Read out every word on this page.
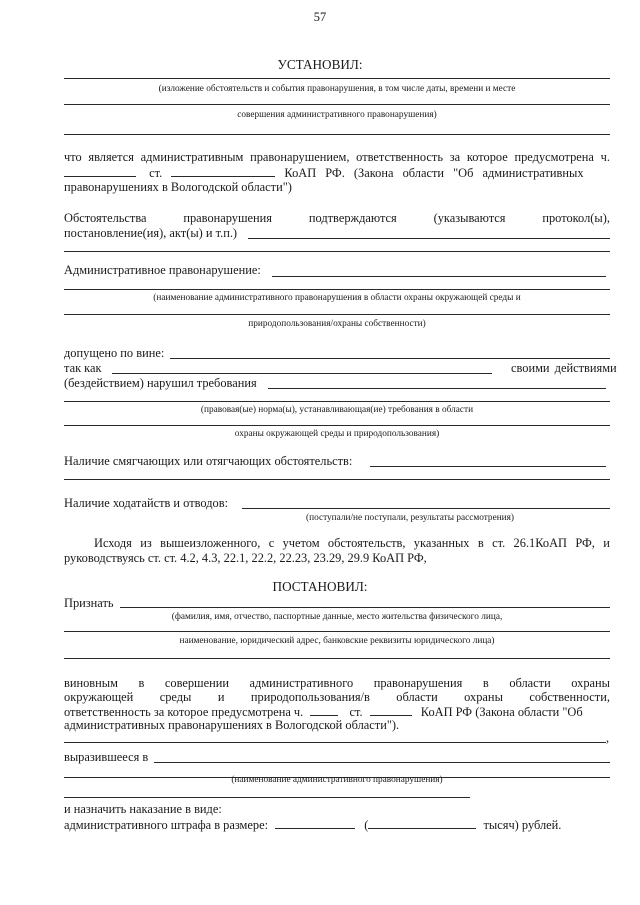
57
УСТАНОВИЛ:
(изложение обстоятельств и события правонарушения, в том числе даты, времени и месте
совершения административного правонарушения)
что является административным правонарушением, ответственность за которое предусмотрена ч.
ст.	КоАП РФ. (Закона области "Об административных
правонарушениях в Вологодской области")
Обстоятельства	правонарушения	подтверждаются	(указываются	протокол(ы),
постановление(ия), акт(ы) и т.п.)
Административное правонарушение:
(наименование административного правонарушения в области охраны окружающей среды и
природопользования/охраны собственности)
допущено по вине:
так как	своими действиями
(бездействием) нарушил требования
(правовая(ые) норма(ы), устанавливающая(ие) требования в области
охраны окружающей среды и природопользования)
Наличие смягчающих или отягчающих обстоятельств:
Наличие ходатайств и отводов:
(поступали/не поступали, результаты рассмотрения)
Исходя из вышеизложенного, с учетом обстоятельств, указанных в ст. 26.1КоАП РФ, и
руководствуясь ст. ст. 4.2, 4.3, 22.1, 22.2, 22.23, 23.29, 29.9 КоАП РФ,
ПОСТАНОВИЛ:
Признать
(фамилия, имя, отчество, паспортные данные, место жительства физического лица,
наименование, юридический адрес, банковские реквизиты юридического лица)
виновным в совершении административного правонарушения в области охраны
окружающей среды и природопользования/в области охраны собственности,
ответственность за которое предусмотрена ч.	ст.	КоАП РФ (Закона области "Об
административных правонарушениях в Вологодской области").
,
выразившееся в
(наименование административного правонарушения)
и назначить наказание в виде:
административного штрафа в размере:	(	тысяч) рублей.
